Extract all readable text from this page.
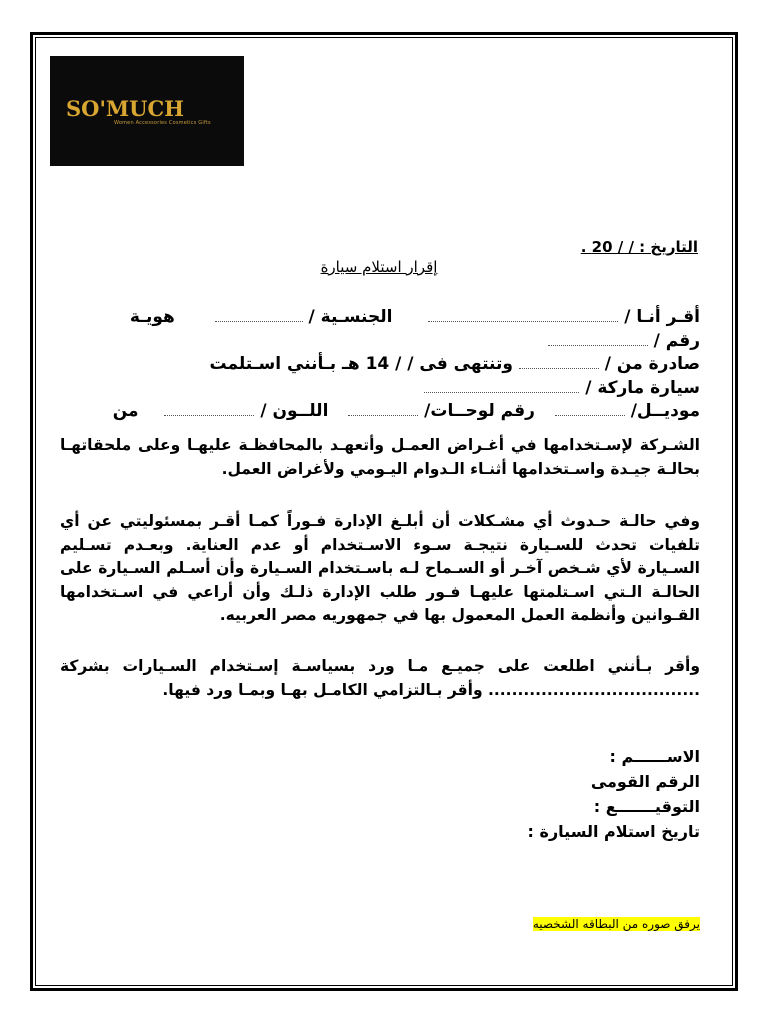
SO'MUCH
Women Accessories Cosmetics Gifts
التاريخ : / / 20 .
إقرار استلام سيارة
أقـر أنـا /   الجنسـية /   هويـة
رقم /
صادرة من /  وتنتهى فى / / 14 هـ بـأنني اسـتلمت
سيارة ماركة /
موديــل/   رقم لوحــات/   اللــون /   من
الشـركة لإسـتخدامها في أغـراض العمـل وأتعهـد بالمحافظـة عليهـا وعلى ملحقاتهـا بحالـة جيـدة واسـتخدامها أثنـاء الـدوام اليـومي ولأغراض العمل.
وفي حالـة حـدوث أي مشـكلات أن أبلـغ الإدارة فـوراً كمـا أقـر بمسئوليتي عن أي تلفيات تحدث للسـيارة نتيجـة سـوء الاسـتخدام أو عدم العناية. وبعـدم تسـليم السـيارة لأي شـخص آخـر أو السـماح لـه باسـتخدام السـيارة وأن أسـلم السـيارة على الحالـة الـتي اسـتلمتها عليهـا فـور طلب الإدارة ذلـك وأن أراعي في اسـتخدامها القـوانين وأنظمة العمل المعمول بها في جمهوريه مصر العربيه.
وأقر بـأنني اطلعت على جميـع مـا ورد بسياسـة إسـتخدام السـيارات بشركة .................................... وأقر بـالتزامي الكامـل بهـا وبمـا ورد فيها.
الاســــــم :
الرقم القومى
التوقيـــــــع :
تاريخ استلام السيارة :
يرفق صوره من البطاقه الشخصيه
